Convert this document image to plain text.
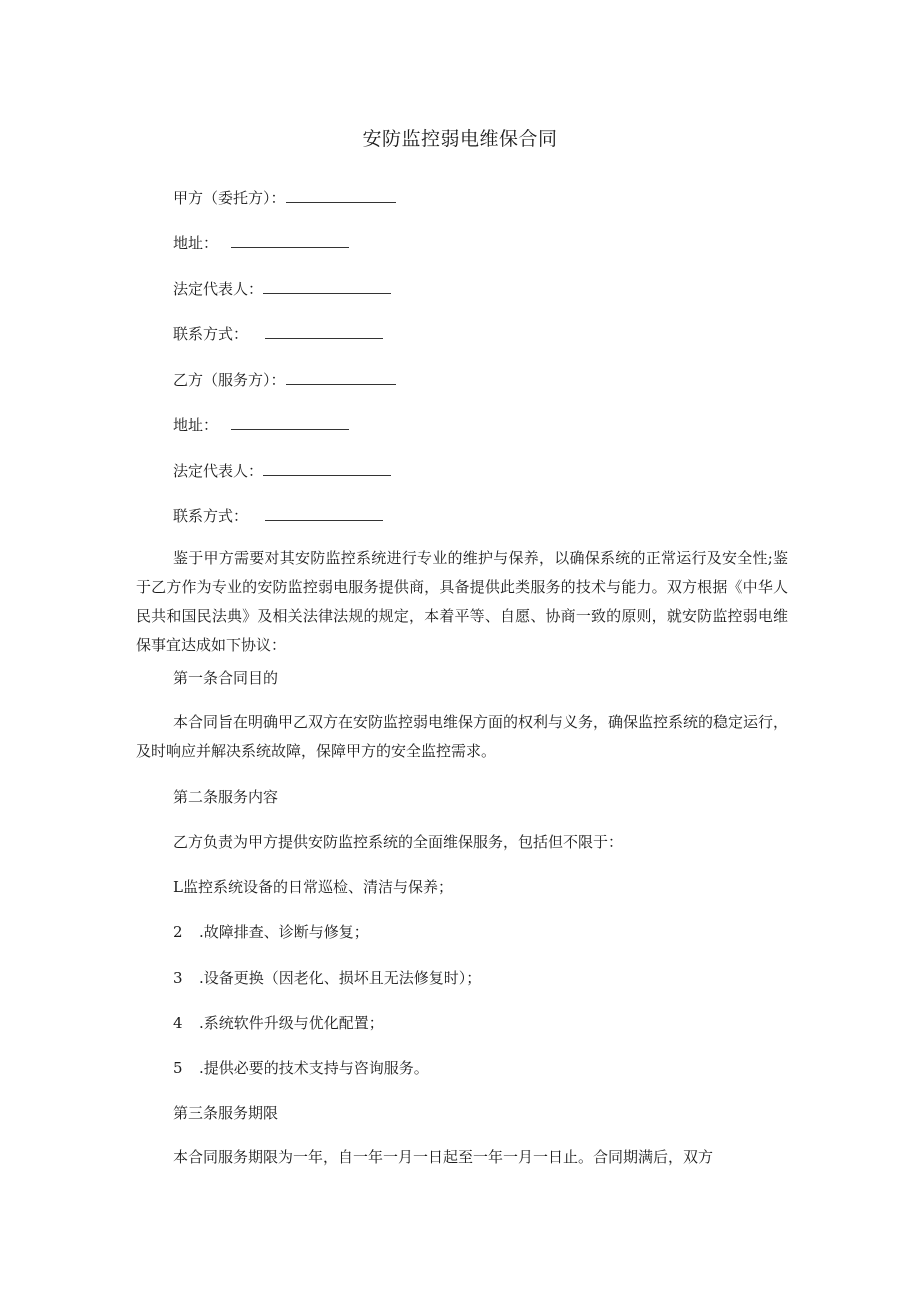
安防监控弱电维保合同
甲方（委托方）：
地址：
法定代表人：
联系方式：
乙方（服务方）：
地址：
法定代表人：
联系方式：

鉴于甲方需要对其安防监控系统进行专业的维护与保养，以确保系统的正常运行及安全性;鉴于乙方作为专业的安防监控弱电服务提供商，具备提供此类服务的技术与能力。双方根据《中华人民共和国民法典》及相关法律法规的规定，本着平等、自愿、协商一致的原则，就安防监控弱电维保事宜达成如下协议：

第一条合同目的

本合同旨在明确甲乙双方在安防监控弱电维保方面的权利与义务，确保监控系统的稳定运行，及时响应并解决系统故障，保障甲方的安全监控需求。

第二条服务内容
乙方负责为甲方提供安防监控系统的全面维保服务，包括但不限于：
L监控系统设备的日常巡检、清洁与保养；
2 .故障排查、诊断与修复；
3 .设备更换（因老化、损坏且无法修复时）；
4 .系统软件升级与优化配置；
5 .提供必要的技术支持与咨询服务。
第三条服务期限

本合同服务期限为一年，自一年一月一日起至一年一月一日止。合同期满后，双方
